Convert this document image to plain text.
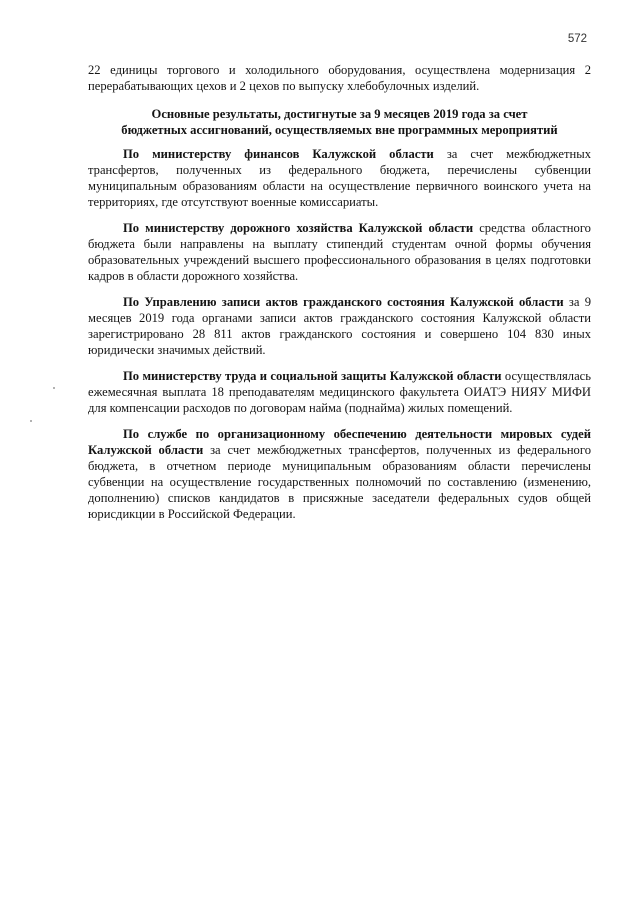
572

22 единицы торгового и холодильного оборудования, осуществлена модернизация 2 перерабатывающих цехов и 2 цехов по выпуску хлебобулочных изделий.

Основные результаты, достигнутые за 9 месяцев 2019 года за счет
бюджетных ассигнований, осуществляемых вне программных мероприятий

По министерству финансов Калужской области за счет межбюджетных трансфертов, полученных из федерального бюджета, перечислены субвенции муниципальным образованиям области на осуществление первичного воинского учета на территориях, где отсутствуют военные комиссариаты.

По министерству дорожного хозяйства Калужской области средства областного бюджета были направлены на выплату стипендий студентам очной формы обучения образовательных учреждений высшего профессионального образования в целях подготовки кадров в области дорожного хозяйства.

По Управлению записи актов гражданского состояния Калужской области за 9 месяцев 2019 года органами записи актов гражданского состояния Калужской области зарегистрировано 28 811 актов гражданского состояния и совершено 104 830 иных юридически значимых действий.

По министерству труда и социальной защиты Калужской области осуществлялась ежемесячная выплата 18 преподавателям медицинского факультета ОИАТЭ НИЯУ МИФИ для компенсации расходов по договорам найма (поднайма) жилых помещений.

По службе по организационному обеспечению деятельности мировых судей Калужской области за счет межбюджетных трансфертов, полученных из федерального бюджета, в отчетном периоде муниципальным образованиям области перечислены субвенции на осуществление государственных полномочий по составлению (изменению, дополнению) списков кандидатов в присяжные заседатели федеральных судов общей юрисдикции в Российской Федерации.
